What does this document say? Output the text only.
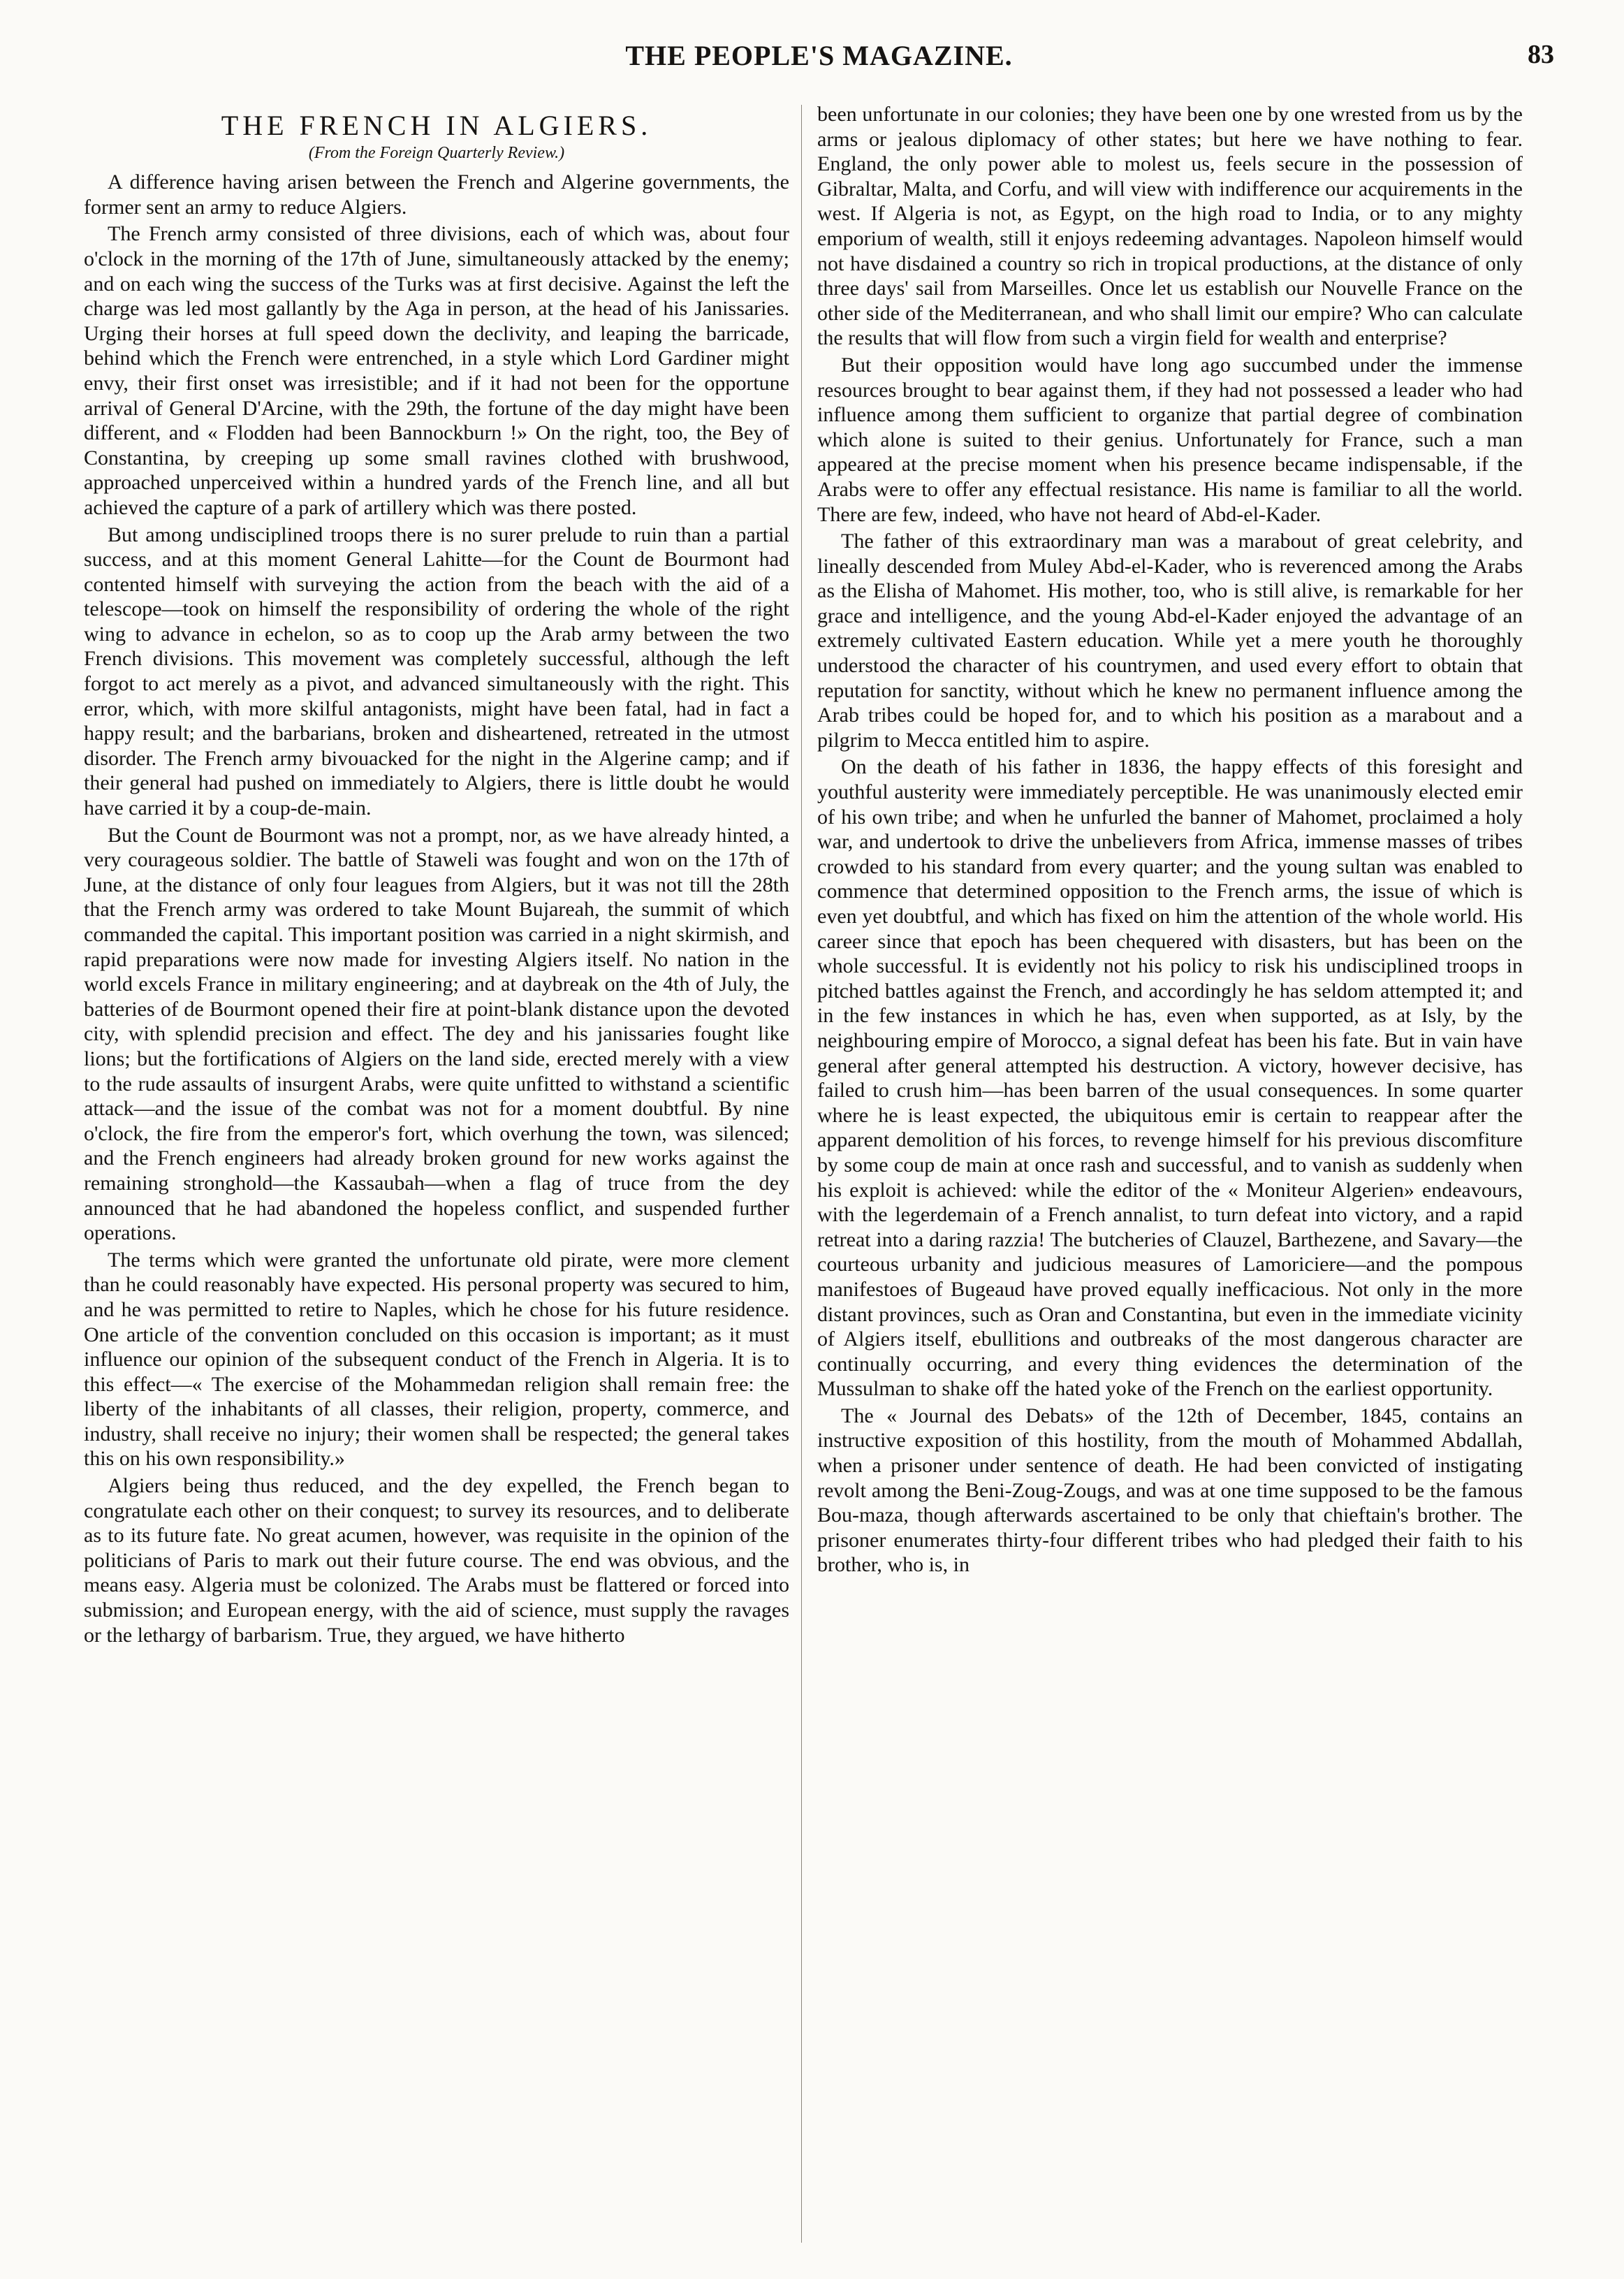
THE PEOPLE'S MAGAZINE.	83
THE FRENCH IN ALGIERS.
(From the Foreign Quarterly Review.)

A difference having arisen between the French and Algerine governments, the former sent an army to reduce Algiers.

The French army consisted of three divisions, each of which was, about four o'clock in the morning of the 17th of June, simultaneously attacked by the enemy; and on each wing the success of the Turks was at first decisive. Against the left the charge was led most gallantly by the Aga in person, at the head of his Janissaries. Urging their horses at full speed down the declivity, and leaping the barricade, behind which the French were entrenched, in a style which Lord Gardiner might envy, their first onset was irresistible; and if it had not been for the opportune arrival of General D'Arcine, with the 29th, the fortune of the day might have been different, and « Flodden had been Bannockburn !» On the right, too, the Bey of Constantina, by creeping up some small ravines clothed with brushwood, approached unperceived within a hundred yards of the French line, and all but achieved the capture of a park of artillery which was there posted.

But among undisciplined troops there is no surer prelude to ruin than a partial success, and at this moment General Lahitte—for the Count de Bourmont had contented himself with surveying the action from the beach with the aid of a telescope—took on himself the responsibility of ordering the whole of the right wing to advance in echelon, so as to coop up the Arab army between the two French divisions. This movement was completely successful, although the left forgot to act merely as a pivot, and advanced simultaneously with the right. This error, which, with more skilful antagonists, might have been fatal, had in fact a happy result; and the barbarians, broken and disheartened, retreated in the utmost disorder. The French army bivouacked for the night in the Algerine camp; and if their general had pushed on immediately to Algiers, there is little doubt he would have carried it by a coup-de-main.

But the Count de Bourmont was not a prompt, nor, as we have already hinted, a very courageous soldier. The battle of Staweli was fought and won on the 17th of June, at the distance of only four leagues from Algiers, but it was not till the 28th that the French army was ordered to take Mount Bujareah, the summit of which commanded the capital. This important position was carried in a night skirmish, and rapid preparations were now made for investing Algiers itself. No nation in the world excels France in military engineering; and at daybreak on the 4th of July, the batteries of de Bourmont opened their fire at point-blank distance upon the devoted city, with splendid precision and effect. The dey and his janissaries fought like lions; but the fortifications of Algiers on the land side, erected merely with a view to the rude assaults of insurgent Arabs, were quite unfitted to withstand a scientific attack—and the issue of the combat was not for a moment doubtful. By nine o'clock, the fire from the emperor's fort, which overhung the town, was silenced; and the French engineers had already broken ground for new works against the remaining stronghold—the Kassaubah—when a flag of truce from the dey announced that he had abandoned the hopeless conflict, and suspended further operations.

The terms which were granted the unfortunate old pirate, were more clement than he could reasonably have expected. His personal property was secured to him, and he was permitted to retire to Naples, which he chose for his future residence. One article of the convention concluded on this occasion is important; as it must influence our opinion of the subsequent conduct of the French in Algeria. It is to this effect—« The exercise of the Mohammedan religion shall remain free: the liberty of the inhabitants of all classes, their religion, property, commerce, and industry, shall receive no injury; their women shall be respected; the general takes this on his own responsibility.»

Algiers being thus reduced, and the dey expelled, the French began to congratulate each other on their conquest; to survey its resources, and to deliberate as to its future fate. No great acumen, however, was requisite in the opinion of the politicians of Paris to mark out their future course. The end was obvious, and the means easy. Algeria must be colonized. The Arabs must be flattered or forced into submission; and European energy, with the aid of science, must supply the ravages or the lethargy of barbarism. True, they argued, we have hitherto

been unfortunate in our colonies; they have been one by one wrested from us by the arms or jealous diplomacy of other states; but here we have nothing to fear. England, the only power able to molest us, feels secure in the possession of Gibraltar, Malta, and Corfu, and will view with indifference our acquirements in the west. If Algeria is not, as Egypt, on the high road to India, or to any mighty emporium of wealth, still it enjoys redeeming advantages. Napoleon himself would not have disdained a country so rich in tropical productions, at the distance of only three days' sail from Marseilles. Once let us establish our Nouvelle France on the other side of the Mediterranean, and who shall limit our empire? Who can calculate the results that will flow from such a virgin field for wealth and enterprise?

But their opposition would have long ago succumbed under the immense resources brought to bear against them, if they had not possessed a leader who had influence among them sufficient to organize that partial degree of combination which alone is suited to their genius. Unfortunately for France, such a man appeared at the precise moment when his presence became indispensable, if the Arabs were to offer any effectual resistance. His name is familiar to all the world. There are few, indeed, who have not heard of Abd-el-Kader.

The father of this extraordinary man was a marabout of great celebrity, and lineally descended from Muley Abd-el-Kader, who is reverenced among the Arabs as the Elisha of Mahomet. His mother, too, who is still alive, is remarkable for her grace and intelligence, and the young Abd-el-Kader enjoyed the advantage of an extremely cultivated Eastern education. While yet a mere youth he thoroughly understood the character of his countrymen, and used every effort to obtain that reputation for sanctity, without which he knew no permanent influence among the Arab tribes could be hoped for, and to which his position as a marabout and a pilgrim to Mecca entitled him to aspire.

On the death of his father in 1836, the happy effects of this foresight and youthful austerity were immediately perceptible. He was unanimously elected emir of his own tribe; and when he unfurled the banner of Mahomet, proclaimed a holy war, and undertook to drive the unbelievers from Africa, immense masses of tribes crowded to his standard from every quarter; and the young sultan was enabled to commence that determined opposition to the French arms, the issue of which is even yet doubtful, and which has fixed on him the attention of the whole world. His career since that epoch has been chequered with disasters, but has been on the whole successful. It is evidently not his policy to risk his undisciplined troops in pitched battles against the French, and accordingly he has seldom attempted it; and in the few instances in which he has, even when supported, as at Isly, by the neighbouring empire of Morocco, a signal defeat has been his fate. But in vain have general after general attempted his destruction. A victory, however decisive, has failed to crush him—has been barren of the usual consequences. In some quarter where he is least expected, the ubiquitous emir is certain to reappear after the apparent demolition of his forces, to revenge himself for his previous discomfiture by some coup de main at once rash and successful, and to vanish as suddenly when his exploit is achieved: while the editor of the « Moniteur Algerien» endeavours, with the legerdemain of a French annalist, to turn defeat into victory, and a rapid retreat into a daring razzia! The butcheries of Clauzel, Barthezene, and Savary—the courteous urbanity and judicious measures of Lamoriciere—and the pompous manifestoes of Bugeaud have proved equally inefficacious. Not only in the more distant provinces, such as Oran and Constantina, but even in the immediate vicinity of Algiers itself, ebullitions and outbreaks of the most dangerous character are continually occurring, and every thing evidences the determination of the Mussulman to shake off the hated yoke of the French on the earliest opportunity.

The « Journal des Debats» of the 12th of December, 1845, contains an instructive exposition of this hostility, from the mouth of Mohammed Abdallah, when a prisoner under sentence of death. He had been convicted of instigating revolt among the Beni-Zoug-Zougs, and was at one time supposed to be the famous Bou-maza, though afterwards ascertained to be only that chieftain's brother. The prisoner enumerates thirty-four different tribes who had pledged their faith to his brother, who is, in
